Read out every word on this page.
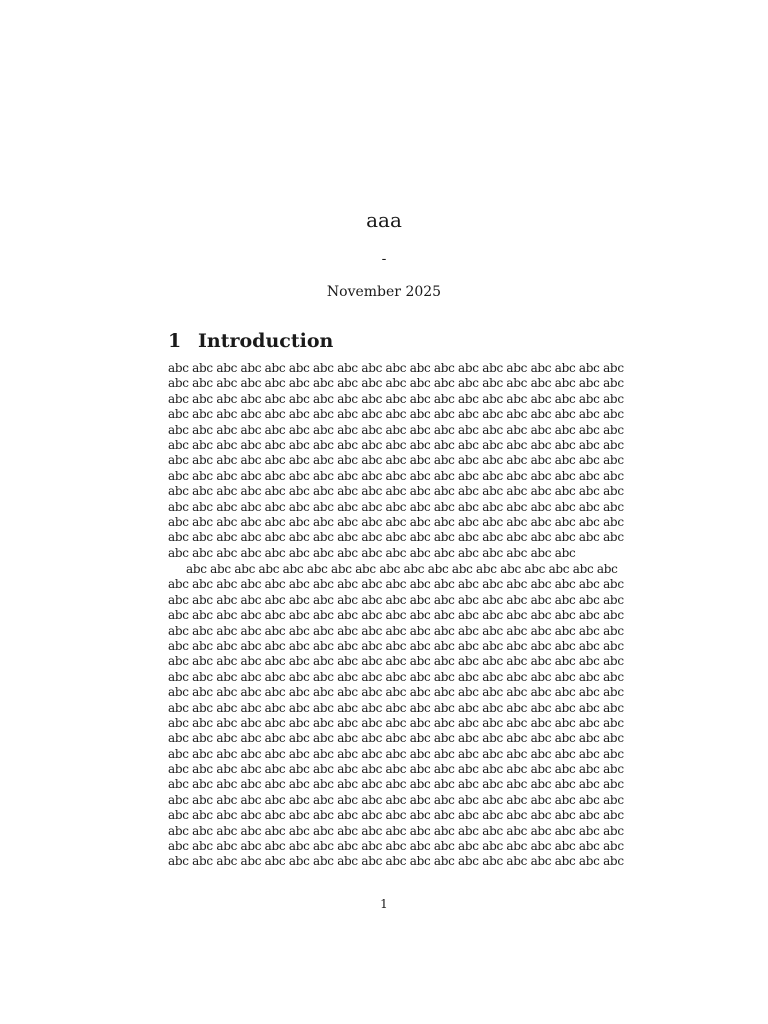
aaa
-
November 2025
1 Introduction
abc abc abc abc abc abc abc abc abc abc abc abc abc abc abc abc abc abc abc
abc abc abc abc abc abc abc abc abc abc abc abc abc abc abc abc abc abc abc
abc abc abc abc abc abc abc abc abc abc abc abc abc abc abc abc abc abc abc
abc abc abc abc abc abc abc abc abc abc abc abc abc abc abc abc abc abc abc
abc abc abc abc abc abc abc abc abc abc abc abc abc abc abc abc abc abc abc
abc abc abc abc abc abc abc abc abc abc abc abc abc abc abc abc abc abc abc
abc abc abc abc abc abc abc abc abc abc abc abc abc abc abc abc abc abc abc
abc abc abc abc abc abc abc abc abc abc abc abc abc abc abc abc abc abc abc
abc abc abc abc abc abc abc abc abc abc abc abc abc abc abc abc abc abc abc
abc abc abc abc abc abc abc abc abc abc abc abc abc abc abc abc abc abc abc
abc abc abc abc abc abc abc abc abc abc abc abc abc abc abc abc abc abc abc
abc abc abc abc abc abc abc abc abc abc abc abc abc abc abc abc abc abc abc
abc abc abc abc abc abc abc abc abc abc abc abc abc abc abc abc abc
abc abc abc abc abc abc abc abc abc abc abc abc abc abc abc abc abc abc
abc abc abc abc abc abc abc abc abc abc abc abc abc abc abc abc abc abc abc
abc abc abc abc abc abc abc abc abc abc abc abc abc abc abc abc abc abc abc
abc abc abc abc abc abc abc abc abc abc abc abc abc abc abc abc abc abc abc
abc abc abc abc abc abc abc abc abc abc abc abc abc abc abc abc abc abc abc
abc abc abc abc abc abc abc abc abc abc abc abc abc abc abc abc abc abc abc
abc abc abc abc abc abc abc abc abc abc abc abc abc abc abc abc abc abc abc
abc abc abc abc abc abc abc abc abc abc abc abc abc abc abc abc abc abc abc
abc abc abc abc abc abc abc abc abc abc abc abc abc abc abc abc abc abc abc
abc abc abc abc abc abc abc abc abc abc abc abc abc abc abc abc abc abc abc
abc abc abc abc abc abc abc abc abc abc abc abc abc abc abc abc abc abc abc
abc abc abc abc abc abc abc abc abc abc abc abc abc abc abc abc abc abc abc
abc abc abc abc abc abc abc abc abc abc abc abc abc abc abc abc abc abc abc
abc abc abc abc abc abc abc abc abc abc abc abc abc abc abc abc abc abc abc
abc abc abc abc abc abc abc abc abc abc abc abc abc abc abc abc abc abc abc
abc abc abc abc abc abc abc abc abc abc abc abc abc abc abc abc abc abc abc
abc abc abc abc abc abc abc abc abc abc abc abc abc abc abc abc abc abc abc
abc abc abc abc abc abc abc abc abc abc abc abc abc abc abc abc abc abc abc
abc abc abc abc abc abc abc abc abc abc abc abc abc abc abc abc abc abc abc
abc abc abc abc abc abc abc abc abc abc abc abc abc abc abc abc abc abc abc
1
